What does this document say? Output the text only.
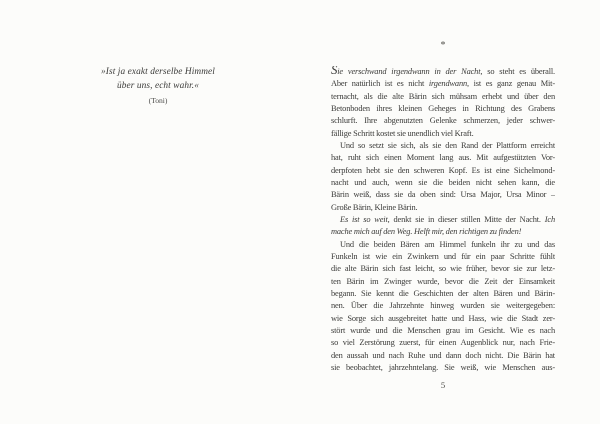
»Ist ja exakt derselbe Himmel
über uns, echt wahr.«
(Toni)
*
Sie verschwand irgendwann in der Nacht, so steht es überall.
Aber natürlich ist es nicht irgendwann, ist es ganz genau Mit-
ternacht, als die alte Bärin sich mühsam erhebt und über den
Betonboden ihres kleinen Geheges in Richtung des Grabens
schlurft. Ihre abgenutzten Gelenke schmerzen, jeder schwer-
fällige Schritt kostet sie unendlich viel Kraft.
Und so setzt sie sich, als sie den Rand der Plattform erreicht
hat, ruht sich einen Moment lang aus. Mit aufgestützten Vor-
derpfoten hebt sie den schweren Kopf. Es ist eine Sichelmond-
nacht und auch, wenn sie die beiden nicht sehen kann, die
Bärin weiß, dass sie da oben sind: Ursa Major, Ursa Minor –
Große Bärin, Kleine Bärin.
Es ist so weit, denkt sie in dieser stillen Mitte der Nacht. Ich
mache mich auf den Weg. Helft mir, den richtigen zu finden!
Und die beiden Bären am Himmel funkeln ihr zu und das
Funkeln ist wie ein Zwinkern und für ein paar Schritte fühlt
die alte Bärin sich fast leicht, so wie früher, bevor sie zur letz-
ten Bärin im Zwinger wurde, bevor die Zeit der Einsamkeit
begann. Sie kennt die Geschichten der alten Bären und Bärin-
nen. Über die Jahrzehnte hinweg wurden sie weitergegeben:
wie Sorge sich ausgebreitet hatte und Hass, wie die Stadt zer-
stört wurde und die Menschen grau im Gesicht. Wie es nach
so viel Zerstörung zuerst, für einen Augenblick nur, nach Frie-
den aussah und nach Ruhe und dann doch nicht. Die Bärin hat
sie beobachtet, jahrzehntelang. Sie weiß, wie Menschen aus-
5
